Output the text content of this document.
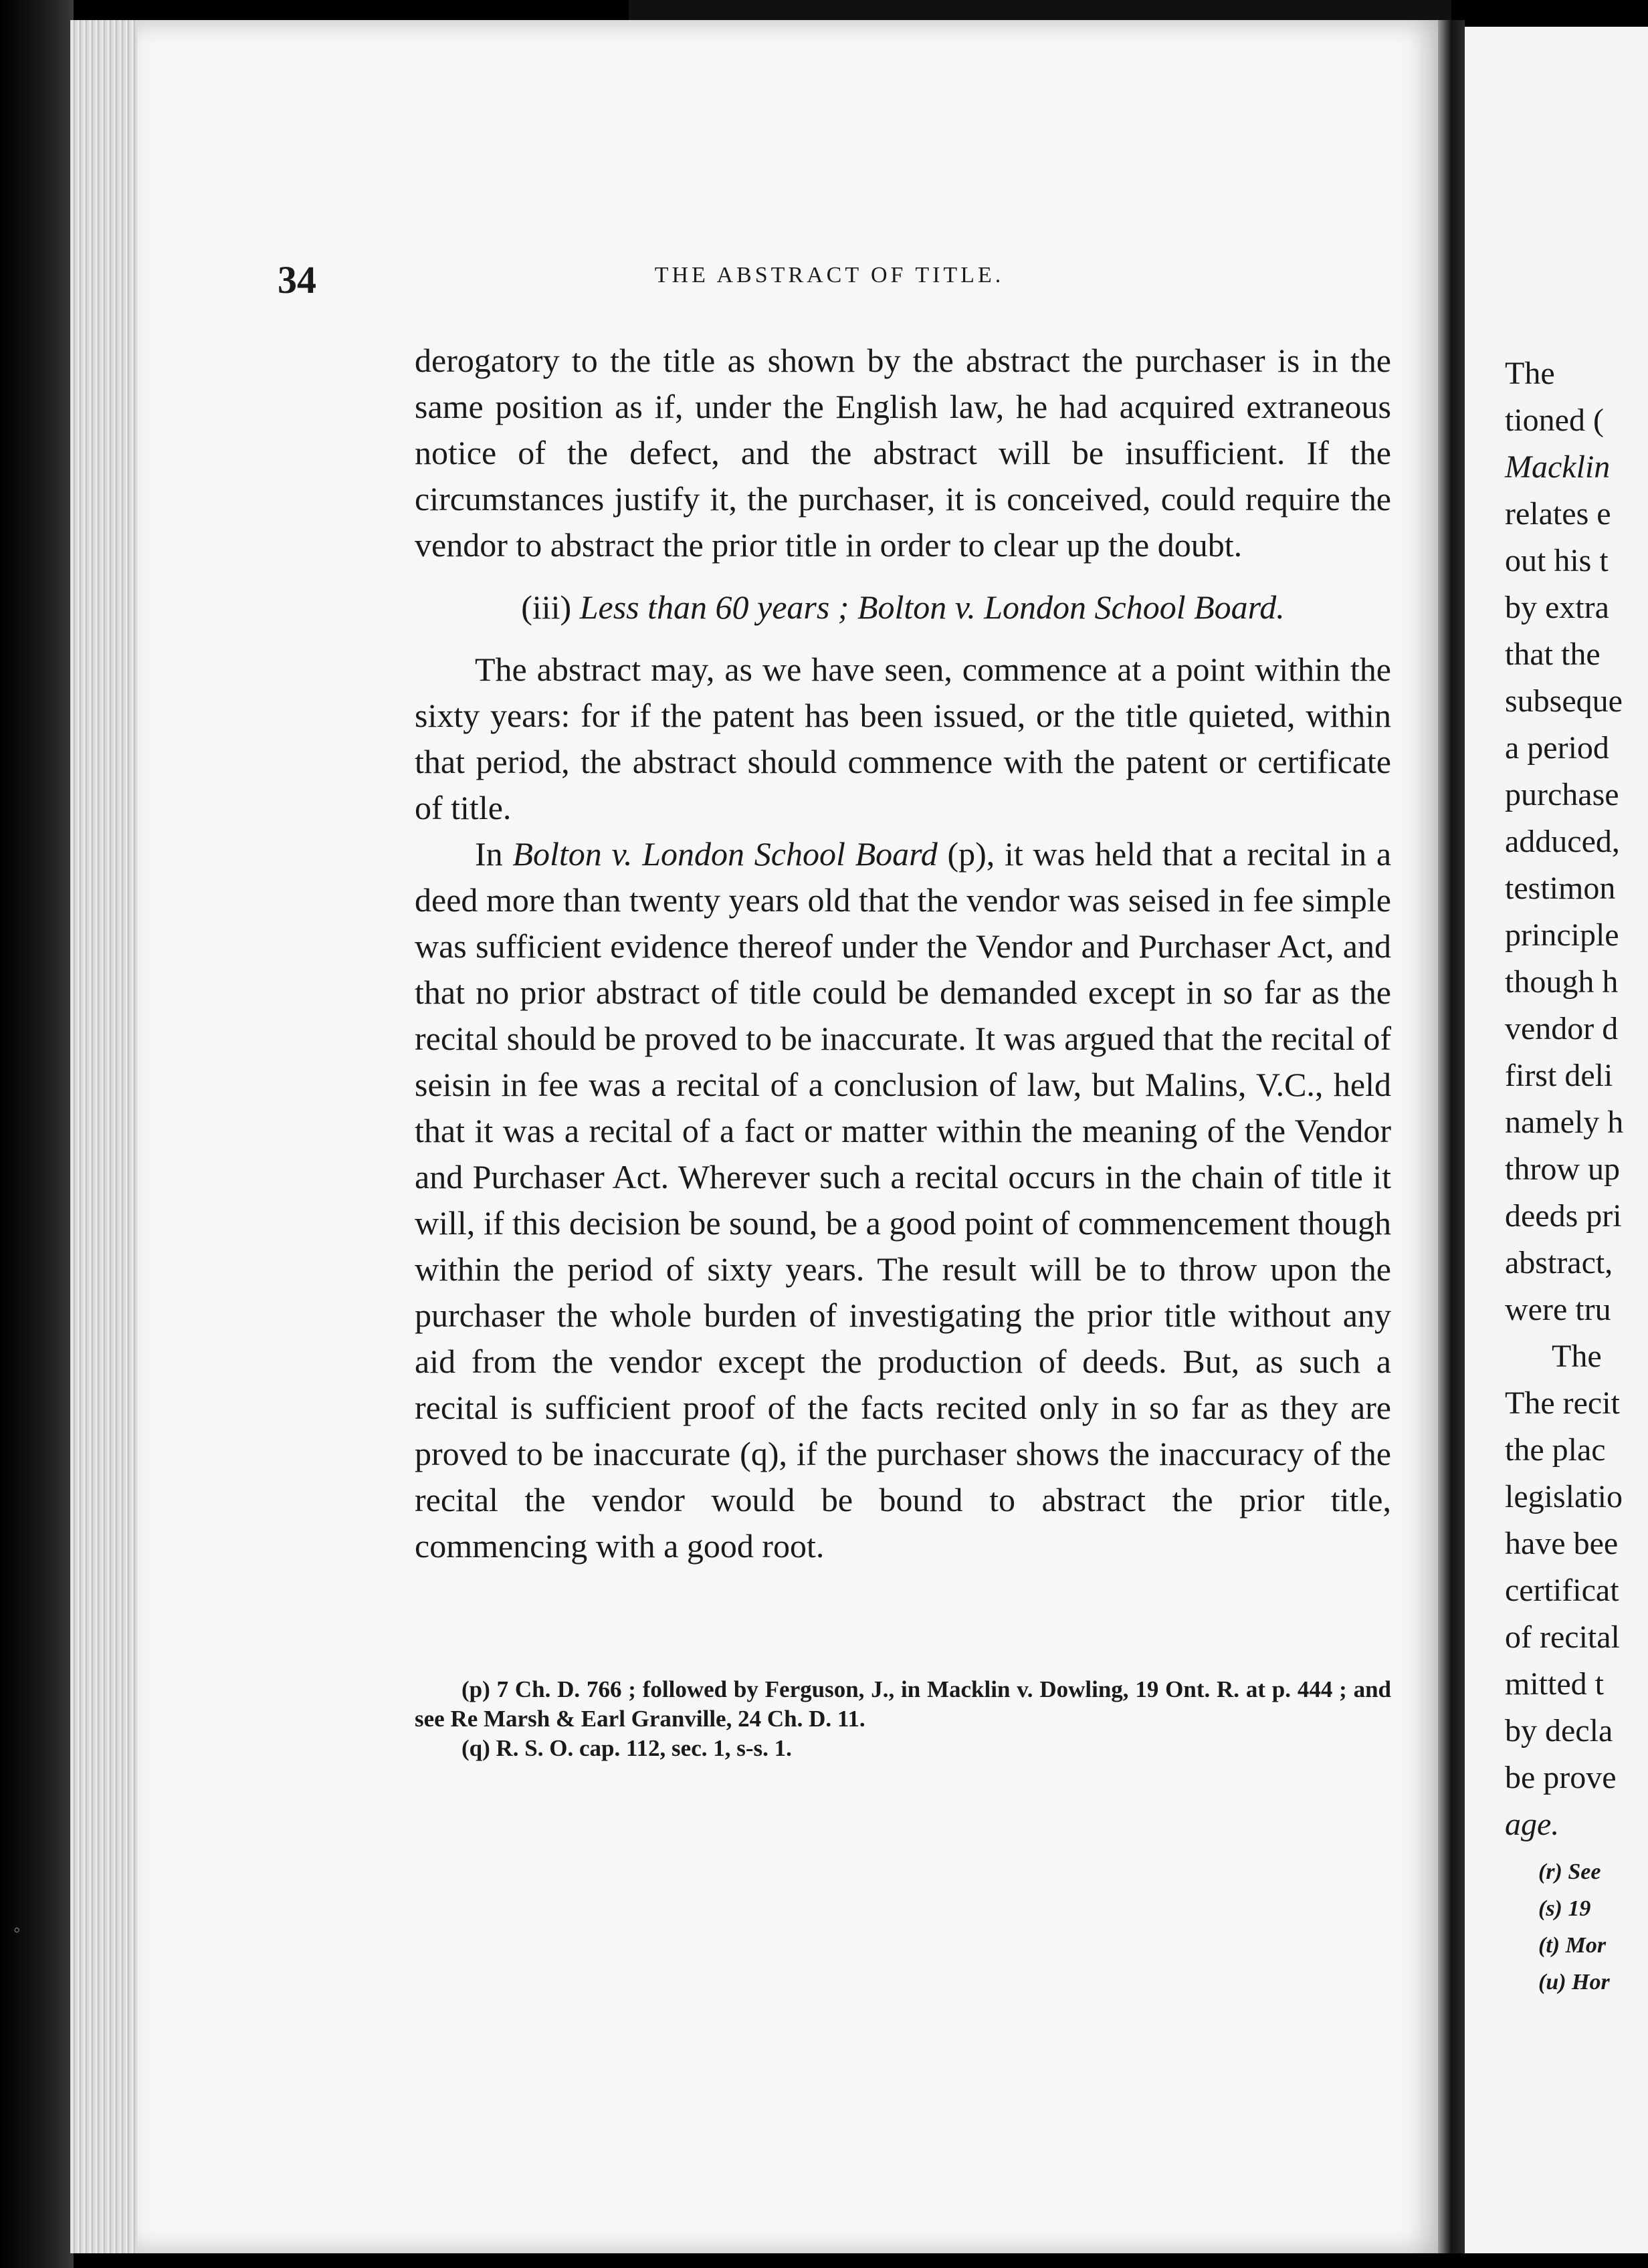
34	THE ABSTRACT OF TITLE.

derogatory to the title as shown by the abstract the purchaser is in the same position as if, under the English law, he had acquired extraneous notice of the defect, and the abstract will be insufficient. If the circumstances justify it, the purchaser, it is conceived, could require the vendor to abstract the prior title in order to clear up the doubt.

(iii) Less than 60 years ; Bolton v. London School Board.

The abstract may, as we have seen, commence at a point within the sixty years: for if the patent has been issued, or the title quieted, within that period, the abstract should commence with the patent or certificate of title.

In Bolton v. London School Board (p), it was held that a recital in a deed more than twenty years old that the vendor was seised in fee simple was sufficient evidence thereof under the Vendor and Purchaser Act, and that no prior abstract of title could be demanded except in so far as the recital should be proved to be inaccurate. It was argued that the recital of seisin in fee was a recital of a conclusion of law, but Malins, V.C., held that it was a recital of a fact or matter within the meaning of the Vendor and Purchaser Act. Wherever such a recital occurs in the chain of title it will, if this decision be sound, be a good point of commencement though within the period of sixty years. The result will be to throw upon the purchaser the whole burden of investigating the prior title without any aid from the vendor except the production of deeds. But, as such a recital is sufficient proof of the facts recited only in so far as they are proved to be inaccurate (q), if the purchaser shows the inaccuracy of the recital the vendor would be bound to abstract the prior title, commencing with a good root.

(p) 7 Ch. D. 766 ; followed by Ferguson, J., in Macklin v. Dowling, 19 Ont. R. at p. 444 ; and see Re Marsh & Earl Granville, 24 Ch. D. 11.

(q) R. S. O. cap. 112, sec. 1, s-s. 1.

◦
The
tioned (
Macklin
relates e
out his t
by extra
that the
subseque
a period
purchase
adduced,
testimon
principle
though h
vendor d
first deli
namely h
throw up
deeds pri
abstract,
were tru
The
The recit
the plac
legislatio
have bee
certificat
of recital
mitted t
by decla
be prove
age.
(r) See
(s) 19
(t) Mor
(u) Hor
